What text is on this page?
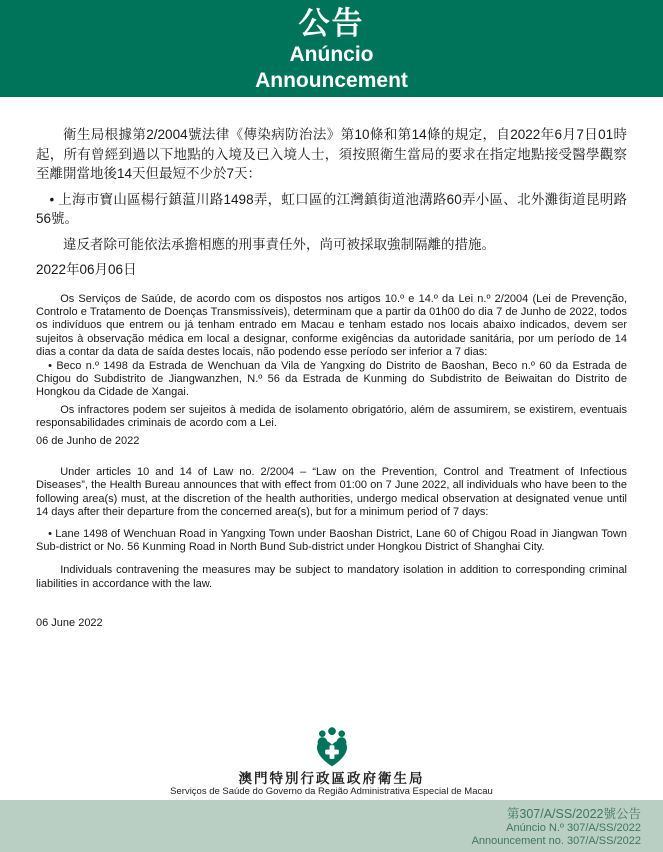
公告
Anúncio
Announcement

衛生局根據第2/2004號法律《傳染病防治法》第10條和第14條的規定，自2022年6月7日01時起，所有曾經到過以下地點的入境及已入境人士，須按照衛生當局的要求在指定地點接受醫學觀察至離開當地後14天但最短不少於7天：

• 上海市寶山區楊行鎮蕰川路1498弄，虹口區的江灣鎮街道池溝路60弄小區、北外灘街道昆明路56號。

違反者除可能依法承擔相應的刑事責任外，尚可被採取強制隔離的措施。

2022年06月06日

Os Serviços de Saúde, de acordo com os dispostos nos artigos 10.º e 14.º da Lei n.º 2/2004 (Lei de Prevenção, Controlo e Tratamento de Doenças Transmissíveis), determinam que a partir da 01h00 do dia 7 de Junho de 2022, todos os indivíduos que entrem ou já tenham entrado em Macau e tenham estado nos locais abaixo indicados, devem ser sujeitos à observação médica em local a designar, conforme exigências da autoridade sanitária, por um período de 14 dias a contar da data de saída destes locais, não podendo esse período ser inferior a 7 dias:

• Beco n.º 1498 da Estrada de Wenchuan da Vila de Yangxing do Distrito de Baoshan, Beco n.º 60 da Estrada de Chigou do Subdistrito de Jiangwanzhen, N.º 56 da Estrada de Kunming do Subdistrito de Beiwaitan do Distrito de Hongkou da Cidade de Xangai.

Os infractores podem ser sujeitos à medida de isolamento obrigatório, além de assumirem, se existirem, eventuais responsabilidades criminais de acordo com a Lei.

06 de Junho de 2022

Under articles 10 and 14 of Law no. 2/2004 – “Law on the Prevention, Control and Treatment of Infectious Diseases”, the Health Bureau announces that with effect from 01:00 on 7 June 2022, all individuals who have been to the following area(s) must, at the discretion of the health authorities, undergo medical observation at designated venue until 14 days after their departure from the concerned area(s), but for a minimum period of 7 days:

• Lane 1498 of Wenchuan Road in Yangxing Town under Baoshan District, Lane 60 of Chigou Road in Jiangwan Town Sub-district or No. 56 Kunming Road in North Bund Sub-district under Hongkou District of Shanghai City.

Individuals contravening the measures may be subject to mandatory isolation in addition to corresponding criminal liabilities in accordance with the law.

06 June 2022

澳門特別行政區政府衛生局
Serviços de Saúde do Governo da Região Administrativa Especial de Macau
第307/A/SS/2022號公告
Anúncio N.º 307/A/SS/2022
Announcement no. 307/A/SS/2022
